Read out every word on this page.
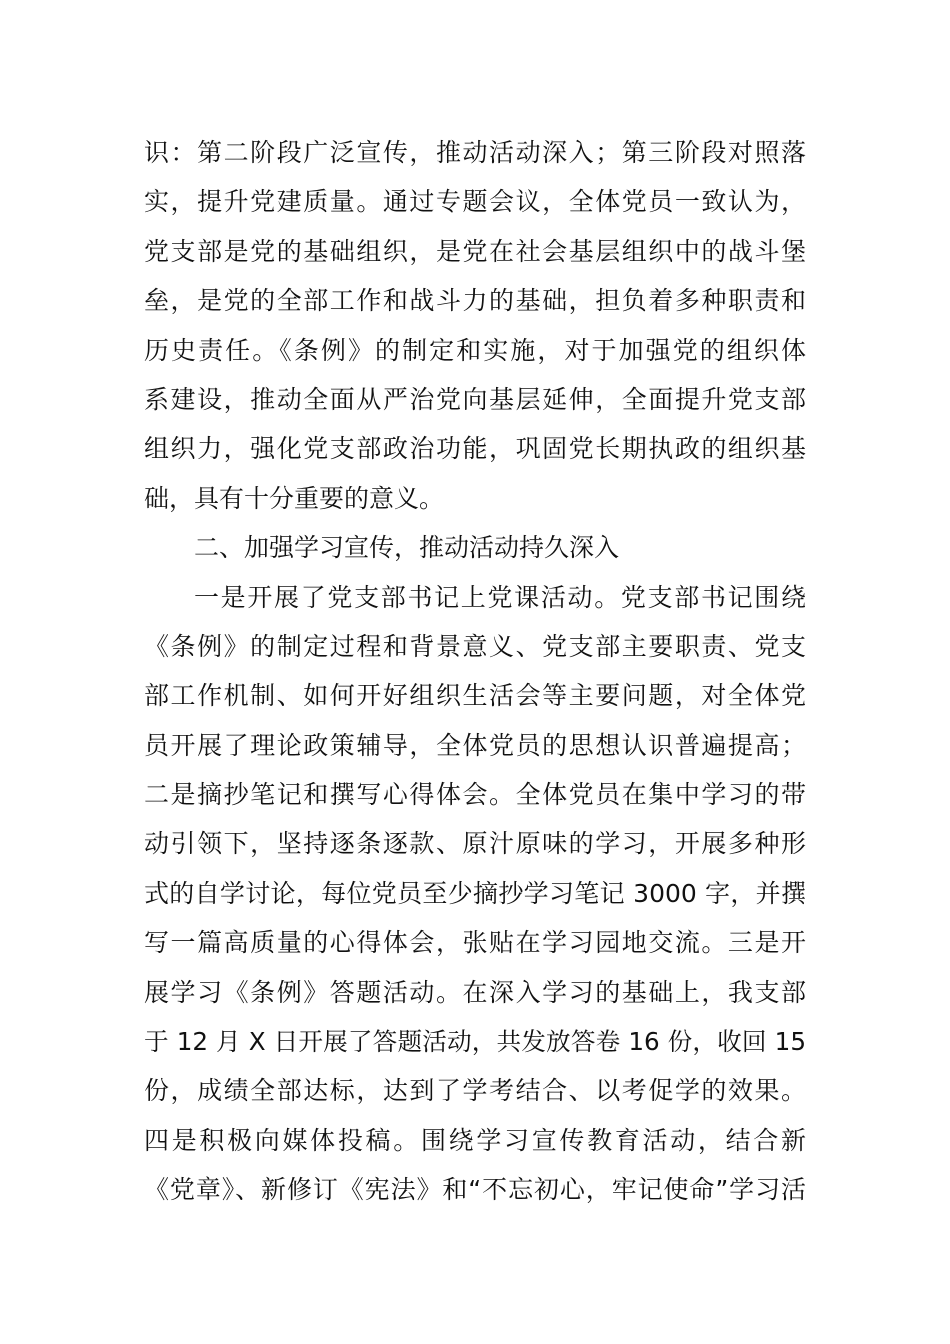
识：第二阶段广泛宣传，推动活动深入；第三阶段对照落
实，提升党建质量。通过专题会议，全体党员一致认为，
党支部是党的基础组织，是党在社会基层组织中的战斗堡
垒，是党的全部工作和战斗力的基础，担负着多种职责和
历史责任。《条例》的制定和实施，对于加强党的组织体
系建设，推动全面从严治党向基层延伸，全面提升党支部
组织力，强化党支部政治功能，巩固党长期执政的组织基
础，具有十分重要的意义。
二、加强学习宣传，推动活动持久深入
一是开展了党支部书记上党课活动。党支部书记围绕
《条例》的制定过程和背景意义、党支部主要职责、党支
部工作机制、如何开好组织生活会等主要问题，对全体党
员开展了理论政策辅导，全体党员的思想认识普遍提高；
二是摘抄笔记和撰写心得体会。全体党员在集中学习的带
动引领下，坚持逐条逐款、原汁原味的学习，开展多种形
式的自学讨论，每位党员至少摘抄学习笔记 3000 字，并撰
写一篇高质量的心得体会，张贴在学习园地交流。三是开
展学习《条例》答题活动。在深入学习的基础上，我支部
于 12 月 X 日开展了答题活动，共发放答卷 16 份，收回 15
份，成绩全部达标，达到了学考结合、以考促学的效果。
四是积极向媒体投稿。围绕学习宣传教育活动，结合新
《党章》、新修订《宪法》和“不忘初心，牢记使命”学习活
